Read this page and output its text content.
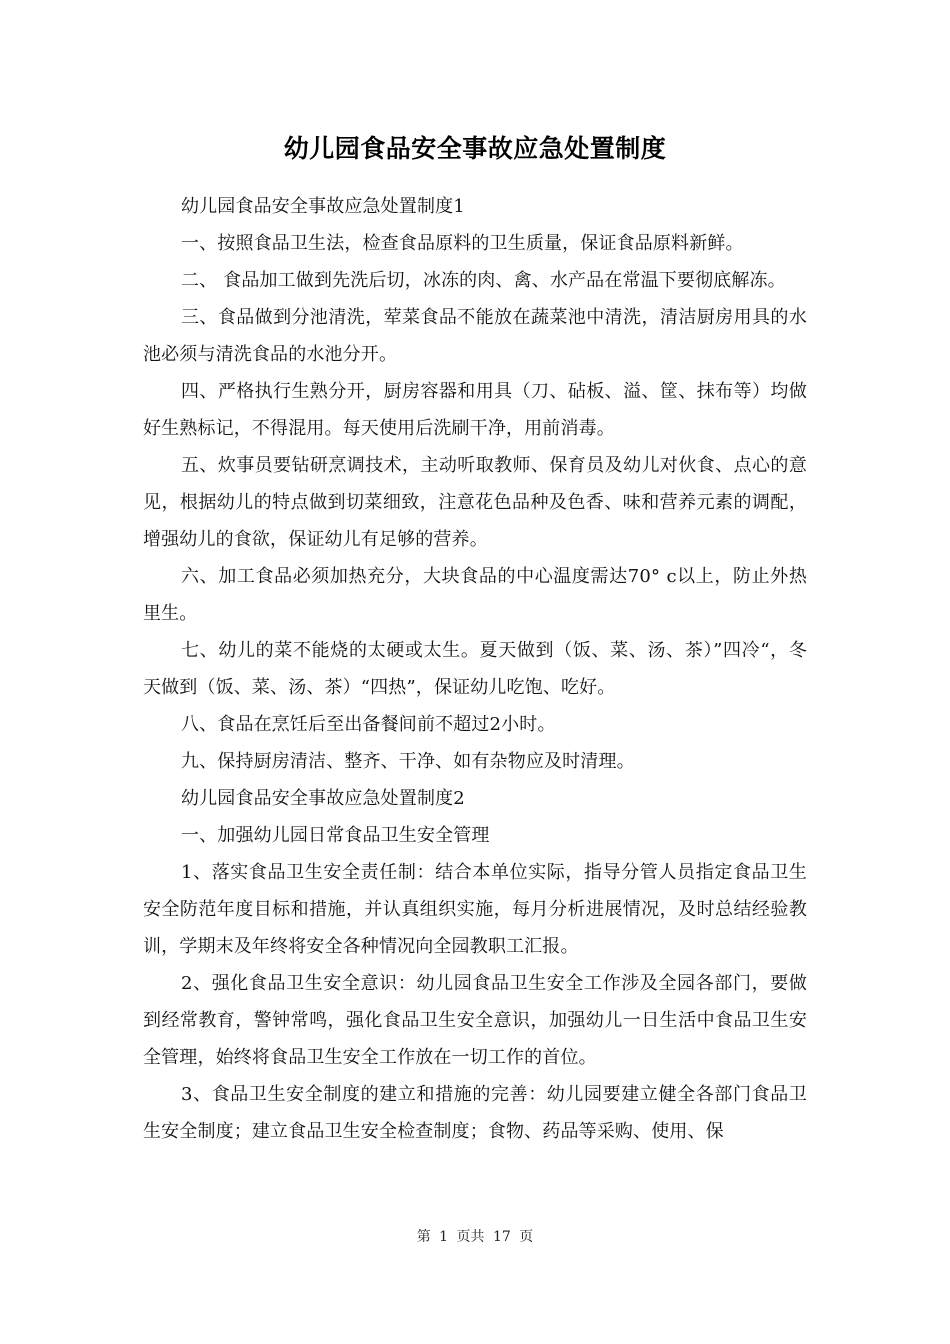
幼儿园食品安全事故应急处置制度

幼儿园食品安全事故应急处置制度1

一、按照食品卫生法，检查食品原料的卫生质量，保证食品原料新鲜。

二、 食品加工做到先洗后切，冰冻的肉、禽、水产品在常温下要彻底解冻。

三、食品做到分池清洗，荤菜食品不能放在蔬菜池中清洗，清洁厨房用具的水池必须与清洗食品的水池分开。

四、严格执行生熟分开，厨房容器和用具（刀、砧板、溢、筐、抹布等）均做好生熟标记，不得混用。每天使用后洗刷干净，用前消毒。

五、炊事员要钻研烹调技术，主动听取教师、保育员及幼儿对伙食、点心的意见，根据幼儿的特点做到切菜细致，注意花色品种及色香、味和营养元素的调配，增强幼儿的食欲，保证幼儿有足够的营养。

六、加工食品必须加热充分，大块食品的中心温度需达70° c以上，防止外热里生。

七、幼儿的菜不能烧的太硬或太生。夏天做到（饭、菜、汤、茶）”四冷“，冬天做到（饭、菜、汤、茶）“四热”，保证幼儿吃饱、吃好。

八、食品在烹饪后至出备餐间前不超过2小时。

九、保持厨房清洁、整齐、干净、如有杂物应及时清理。

幼儿园食品安全事故应急处置制度2

一、加强幼儿园日常食品卫生安全管理

1、落实食品卫生安全责任制：结合本单位实际，指导分管人员指定食品卫生安全防范年度目标和措施，并认真组织实施，每月分析进展情况，及时总结经验教训，学期末及年终将安全各种情况向全园教职工汇报。

2、强化食品卫生安全意识：幼儿园食品卫生安全工作涉及全园各部门，要做到经常教育，警钟常鸣，强化食品卫生安全意识，加强幼儿一日生活中食品卫生安全管理，始终将食品卫生安全工作放在一切工作的首位。

3、食品卫生安全制度的建立和措施的完善：幼儿园要建立健全各部门食品卫生安全制度；建立食品卫生安全检查制度；食物、药品等采购、使用、保

第 1 页共 17 页
